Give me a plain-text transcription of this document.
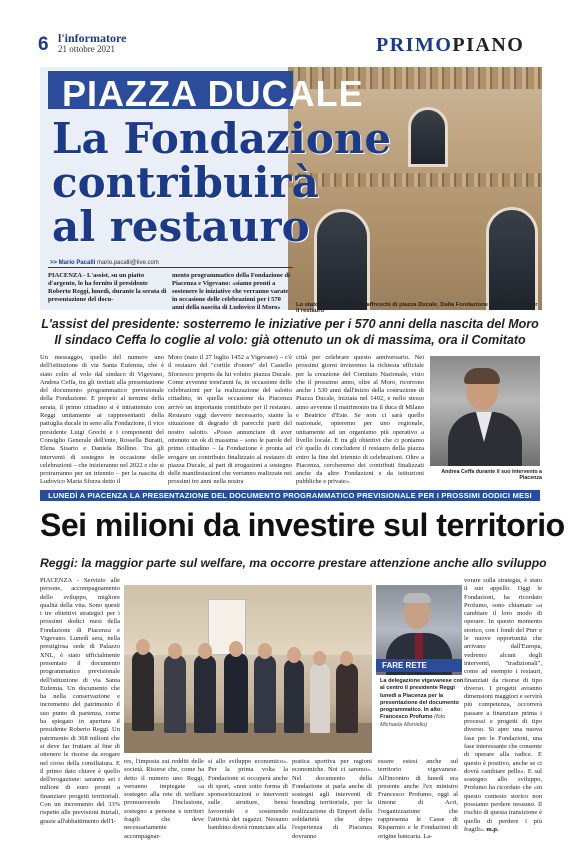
6 l'informatore
21 ottobre 2021	PRIMOPIANO
PIAZZA DUCALE
La Fondazione
contribuirà
al restauro
>> Mario Pacalli mario.pacalli@live.com
PIACENZA - L'assist, su un piatto d'argento, lo ha fornito il presidente Roberto Reggi, lunedì, durante la serata di presentazione del docu-
mento programmatico della Fondazione di Piacenza e Vigevano: «siamo pronti a sostenere le iniziative che verranno varate in occasione delle celebrazioni per i 570 anni della nascita di Ludovico il Moro»	Lo stato di degrado degli affreschi di piazza Ducale. Dalla Fondazione un contributo per il restauro
L'assist del presidente: sosterremo le iniziative per i 570 anni della nascita del Moro
Il sindaco Ceffa lo coglie al volo: già ottenuto un ok di massima, ora il Comitato
Un messaggio, quello del numero uno dell'istituzione di via Santa Eufemia, che è stato colto al volo dal sindaco di Vigevano, Andrea Ceffa, tra gli invitati alla presentazione del documento programmatico previsionale della Fondazione. E proprio al termine della serata, il primo cittadino si è intrattenuto con Reggi unitamente ai rappresentanti della pattuglia ducale in seno alla Fondazione, il vice presidente Luigi Grechi e i componenti del Consiglio Generale dell'ente, Rossella Buratti, Elena Sisario e Daniela Bollino. Tra gli interventi di sostegno in occasione delle celebrazioni – che inizieranno nel 2022 e che si protrarranno per un triennio – per la nascita di Ludovico Maria Sforza detto il
Moro (nato il 27 luglio 1452 a Vigevano) – c'è il restauro del "cortile d'onore" del Castello Sforzesco proprio da lui voluto: piazza Ducale. Come avvenne trent'anni fa, in occasione delle celebrazioni per la realizzazione del salotto cittadino, in quella occasione da Piacenza arrivò un importante contributo per il restauro. Restauro oggi davvero necessario, stante la situazione di degrado di parecchi parti del nostro salotto. «Posso annunciare di aver ottenuto un ok di massima – sono le parole del primo cittadino – la Fondazione è pronta ad erogare un contributo finalizzato al restauro di piazza Ducale, al pari di erogazioni a sostegno delle manifestazioni che verranno realizzate nei prossimi tre anni nella nostra
città per celebrare questo anniversario. Nei prossimi giorni invieremo la richiesta ufficiale per la creazione del Comitato Nazionale, visto che il prossimo anno, oltre al Moro, ricorrono anche i 530 anni dall'inizio della costruzione di Piazza Ducale, iniziata nel 1492, e nello stesso anno avvenne il matrimonio tra il duca di Milano e Beatrice d'Este. Se non ci sarà quello nazionale, opteremo per uno regionale, unitamente ad un organismo più operativo a livello locale. E tra gli obiettivi che ci poniamo c'è quello di concludere il restauro della piazza entro la fine del triennio di celebrazioni. Oltre a Piacenza, cercheremo dei contributi finalizzati anche da altre Fondazioni e da istituzioni pubbliche e private».
Andrea Ceffa durante il suo intervento a Piacenza
LUNEDÌ A PIACENZA LA PRESENTAZIONE DEL DOCUMENTO PROGRAMMATICO PREVISIONALE PER I PROSSIMI DODICI MESI
Sei milioni da investire sul territorio
Reggi: la maggior parte sul welfare, ma occorre prestare attenzione anche allo sviluppo
PIACENZA - Servizio alle persone, accompagnamento dello sviluppo, migliore qualità della vita. Sono questi i tre obiettivi strategici per i prossimi dodici mesi della Fondazione di Piacenza e Vigevano. Lunedì sera, nella prestigiosa sede di Palazzo XNL, è stato ufficialmente presentato il documento programmatico previsionale dell'istituzione di via Santa Eufemia. Un documento che ha nella conservazione e incremento del patrimonio il suo punto di partenza, come ha spiegato in apertura il presidente Roberto Reggi. Un patrimonio di 368 milioni che si deve far fruttare al fine di ottenere le risorse da erogare nel corso della consiliatura. E il primo dato chiave è quello dell'erogazione: saranno sei i milioni di euro pronti a finanziare progetti territoriali. Con un incremento del 33% rispetto alle previsioni iniziali, grazie all'abbattimento dell'I-
FARE RETE
La delegazione vigevanese con al centro il presidente Reggi lunedì a Piacenza per la presentazione del documento programmatico. In alto: Francesco Profumo (foto Michaela Morriello)
res, l'imposta sui redditi delle società. Risorse che, come ha detto il numero uno Reggi, verranno impiegate «a sostegno alla rete di welfare promuovendo l'inclusione, sostegno a persone e territori fragili che deve necessariamente accompagnar-
si allo sviluppo economico». Per la prima volta la Fondazione si occuperà anche di sport, «non sotto forma di sponsorizzazioni o interventi sulle strutture, bensì favorendo e sostenendo l'attività dei ragazzi. Nessuno bambino dovrà rinunciare alla
pratica sportiva per ragioni economiche. Noi ci saremo». Nel documento della Fondazione si parla anche di sostegni agli interventi di branding territoriale, per la realizzazione di Empori della solidarietà che dopo l'esperienza di Piacenza dovranno
essere estesi anche sul territorio vigevanese. All'incontro di lunedì era presente anche l'ex ministro Francesco Profumo, oggi al timone di Acri, l'organizzazione che rappresenta le Casse di Risparmio e le Fondazioni di origine bancaria. La-
vorare sulla strategia, è stato il suo appello. Oggi le Fondazioni, ha ricordato Profumo, sono chiamate «a cambiare il loro modo di operare. In questo momento storico, con i fondi del Pnrr e le nuove opportunità che arrivano dall'Europa, vedremo alcuni degli interventi, "tradizionali", come ad esempio i restauri, finanziati da risorse di tipo diverso. I progetti avranno dimensioni maggiori e servirà più competenza, occorrerà passare a finanziare prima i processi e progetti di tipo diverso. Si apre una nuova fase per le Fondazioni, una fase interessante che consente di operare alla radice. E questo è positivo, anche se ci dovrà cambiare pelle». E sul sostegno allo sviluppo, Profumo ha ricordato che «in questo contesto storico non possiamo perdere nessuno. Il rischio di questa transizione è quello di perdere i più fragili». m.p.
